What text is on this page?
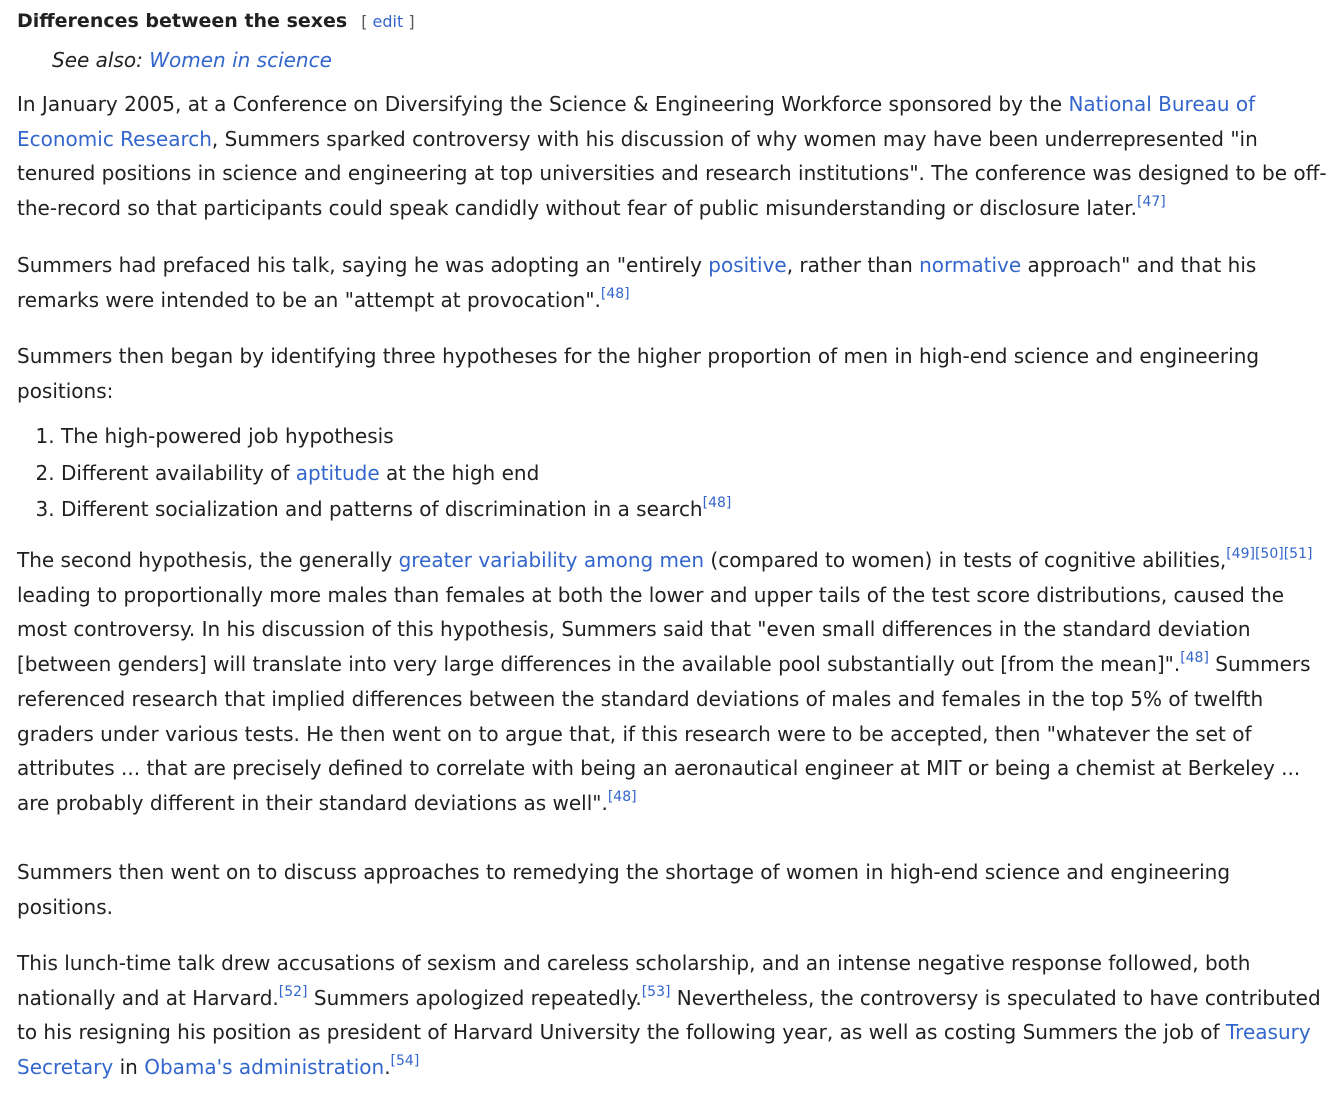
Differences between the sexes [ edit ]
See also: Women in science

In January 2005, at a Conference on Diversifying the Science & Engineering Workforce sponsored by the National Bureau of Economic Research, Summers sparked controversy with his discussion of why women may have been underrepresented "in tenured positions in science and engineering at top universities and research institutions". The conference was designed to be off-the-record so that participants could speak candidly without fear of public misunderstanding or disclosure later.[47]

Summers had prefaced his talk, saying he was adopting an "entirely positive, rather than normative approach" and that his remarks were intended to be an "attempt at provocation".[48]

Summers then began by identifying three hypotheses for the higher proportion of men in high-end science and engineering positions:

1. The high-powered job hypothesis
2. Different availability of aptitude at the high end
3. Different socialization and patterns of discrimination in a search[48]

The second hypothesis, the generally greater variability among men (compared to women) in tests of cognitive abilities,[49][50][51] leading to proportionally more males than females at both the lower and upper tails of the test score distributions, caused the most controversy. In his discussion of this hypothesis, Summers said that "even small differences in the standard deviation [between genders] will translate into very large differences in the available pool substantially out [from the mean]".[48] Summers referenced research that implied differences between the standard deviations of males and females in the top 5% of twelfth graders under various tests. He then went on to argue that, if this research were to be accepted, then "whatever the set of attributes ... that are precisely defined to correlate with being an aeronautical engineer at MIT or being a chemist at Berkeley ... are probably different in their standard deviations as well".[48]

Summers then went on to discuss approaches to remedying the shortage of women in high-end science and engineering positions.

This lunch-time talk drew accusations of sexism and careless scholarship, and an intense negative response followed, both nationally and at Harvard.[52] Summers apologized repeatedly.[53] Nevertheless, the controversy is speculated to have contributed to his resigning his position as president of Harvard University the following year, as well as costing Summers the job of Treasury Secretary in Obama's administration.[54]
